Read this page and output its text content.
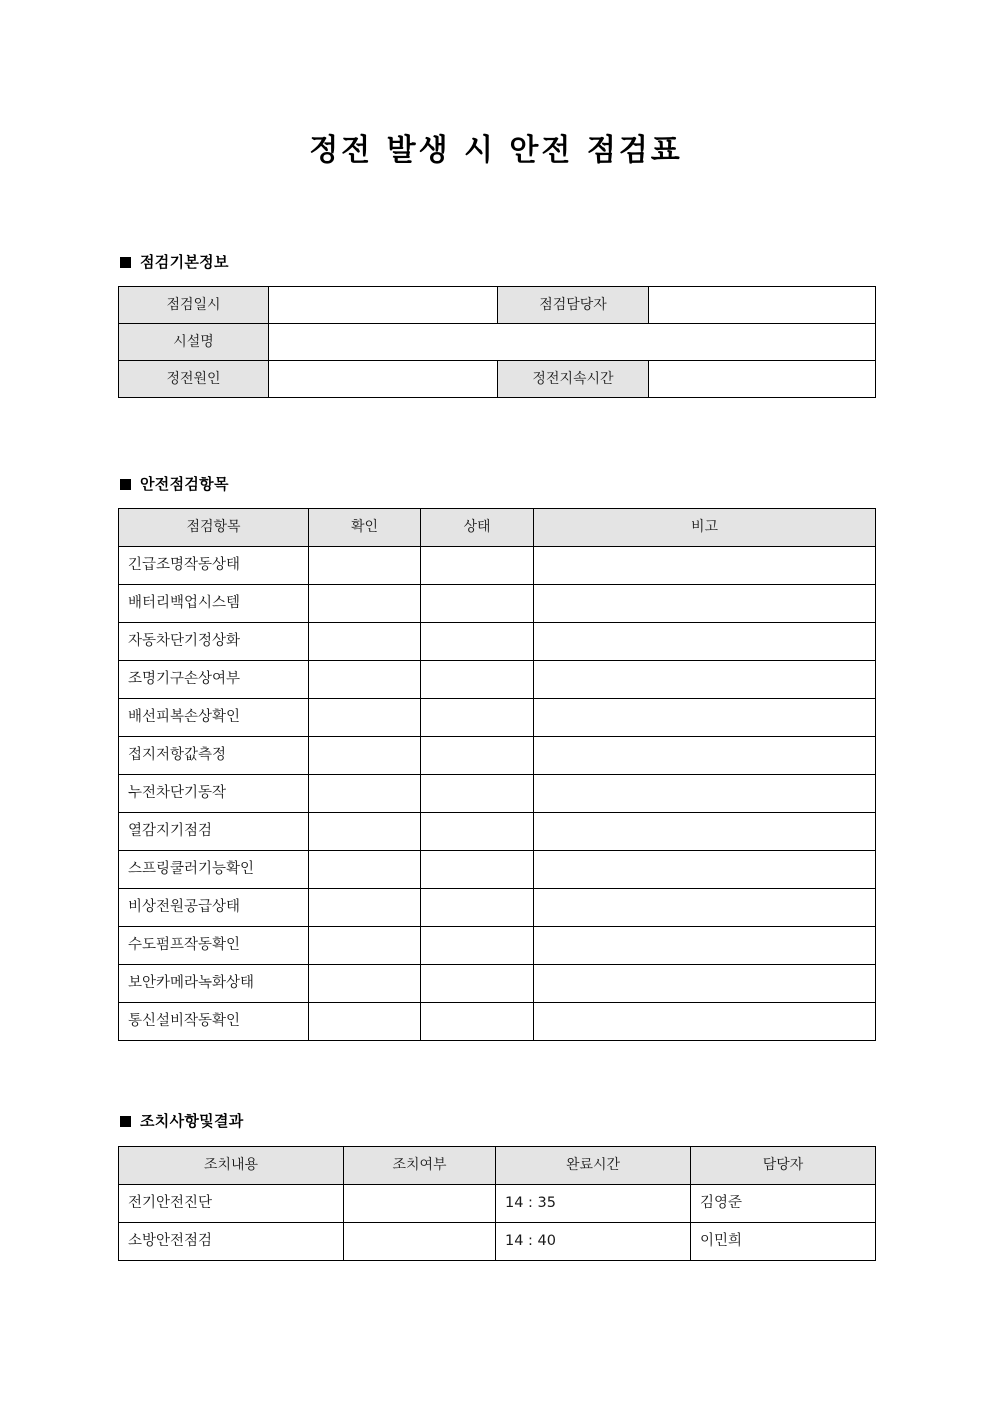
정전 발생 시 안전 점검표
점검기본정보
점검일시		점검담당자	
시설명			
정전원인		정전지속시간	
안전점검항목
점검항목	확인	상태	비고
긴급조명작동상태			
배터리백업시스템			
자동차단기정상화			
조명기구손상여부			
배선피복손상확인			
접지저항값측정			
누전차단기동작			
열감지기점검			
스프링쿨러기능확인			
비상전원공급상태			
수도펌프작동확인			
보안카메라녹화상태			
통신설비작동확인			
조치사항및결과
조치내용	조치여부	완료시간	담당자
전기안전진단		14 : 35	김영준
소방안전점검		14 : 40	이민희
